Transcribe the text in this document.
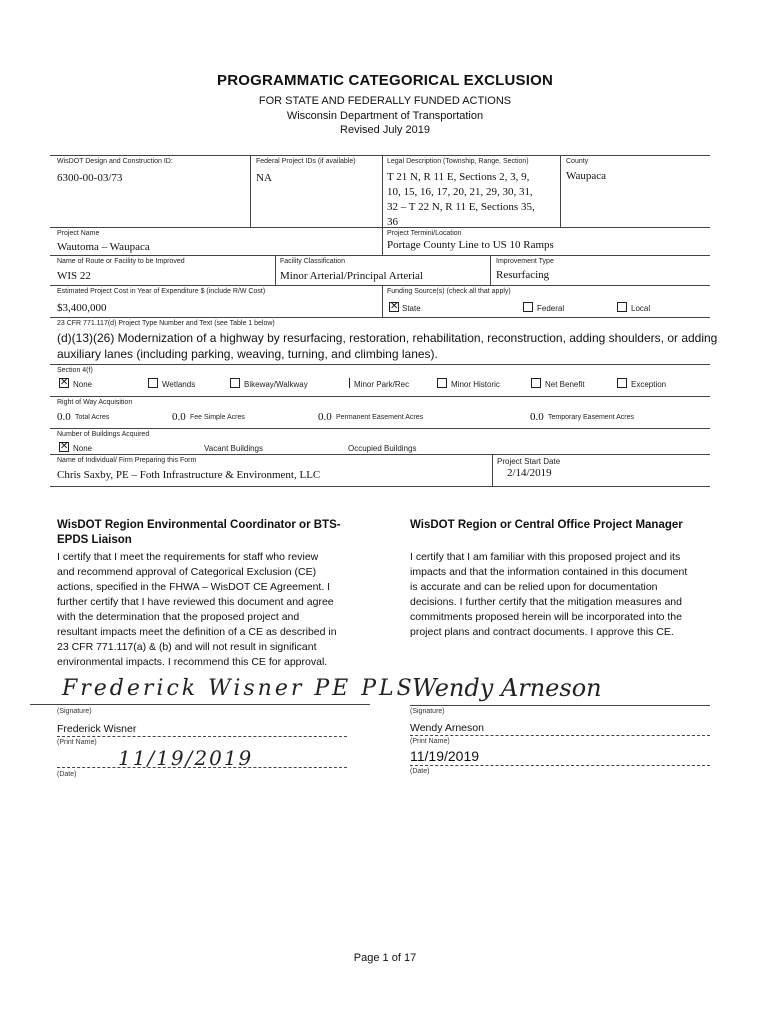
PROGRAMMATIC CATEGORICAL EXCLUSION
FOR STATE AND FEDERALLY FUNDED ACTIONS
Wisconsin Department of Transportation
Revised July 2019
WisDOT Design and Construction ID:
6300-00-03/73
Federal Project IDs (if available)
NA
Legal Description (Township, Range, Section)
T 21 N, R 11 E, Sections 2, 3, 9,
10, 15, 16, 17, 20, 21, 29, 30, 31,
32 – T 22 N, R 11 E, Sections 35,
36
County
Waupaca
Project Name
Wautoma – Waupaca
Project Termini/Location
Portage County Line to US 10 Ramps
Name of Route or Facility to be Improved
WIS 22
Facility Classification
Minor Arterial/Principal Arterial
Improvement Type
Resurfacing
Estimated Project Cost in Year of Expenditure $ (include R/W Cost)
$3,400,000
Funding Source(s) (check all that apply)
✕ State	Federal	Local
23 CFR 771.117(d) Project Type Number and Text (see Table 1 below)
(d)(13)(26) Modernization of a highway by resurfacing, restoration, rehabilitation, reconstruction, adding shoulders, or adding
auxiliary lanes (including parking, weaving, turning, and climbing lanes).
Section 4(f)
✕ None	Wetlands	Bikeway/Walkway	Minor Park/Rec	Minor Historic	Net Benefit	Exception
Right of Way Acquisition
0.0 Total Acres	0.0 Fee Simple Acres	0.0 Permanent Easement Acres	0.0 Temporary Easement Acres
Number of Buildings Acquired
✕ None	Vacant Buildings	Occupied Buildings
Name of Individual/ Firm Preparing this Form
Chris Saxby, PE – Foth Infrastructure & Environment, LLC
Project Start Date
2/14/2019
WisDOT Region Environmental Coordinator or BTS-
EPDS Liaison
I certify that I meet the requirements for staff who review
and recommend approval of Categorical Exclusion (CE)
actions, specified in the FHWA – WisDOT CE Agreement. I
further certify that I have reviewed this document and agree
with the determination that the proposed project and
resultant impacts meet the definition of a CE as described in
23 CFR 771.117(a) & (b) and will not result in significant
environmental impacts. I recommend this CE for approval.
Frederick Wisner PE PLS
(Signature)
Frederick Wisner
(Print Name)
11/19/2019
(Date)
WisDOT Region or Central Office Project Manager
I certify that I am familiar with this proposed project and its
impacts and that the information contained in this document
is accurate and can be relied upon for documentation
decisions. I further certify that the mitigation measures and
commitments proposed herein will be incorporated into the
project plans and contract documents. I approve this CE.
Wendy Arneson
(Signature)
Wendy Arneson
(Print Name)
11/19/2019
(Date)
Page 1 of 17
